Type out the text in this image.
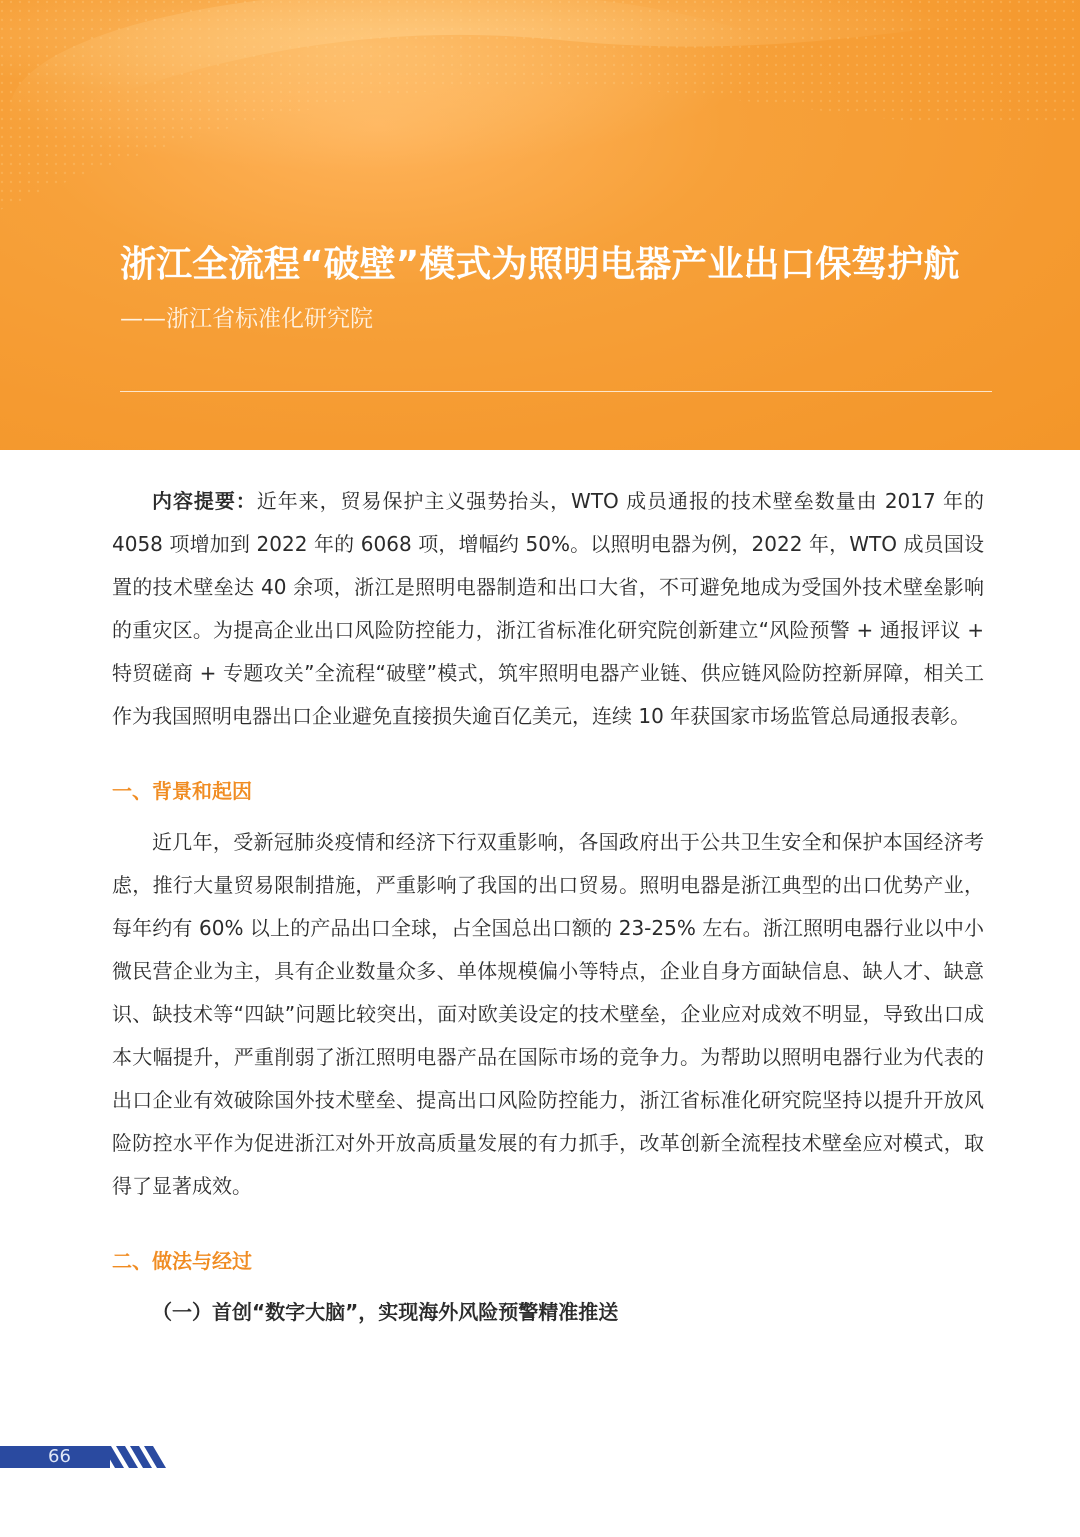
浙江全流程“破壁”模式为照明电器产业出口保驾护航
——浙江省标准化研究院

内容提要：近年来，贸易保护主义强势抬头，WTO 成员通报的技术壁垒数量由 2017 年的 4058 项增加到 2022 年的 6068 项，增幅约 50%。以照明电器为例，2022 年，WTO 成员国设置的技术壁垒达 40 余项，浙江是照明电器制造和出口大省，不可避免地成为受国外技术壁垒影响的重灾区。为提高企业出口风险防控能力，浙江省标准化研究院创新建立“风险预警 + 通报评议 + 特贸磋商 + 专题攻关”全流程“破壁”模式，筑牢照明电器产业链、供应链风险防控新屏障，相关工作为我国照明电器出口企业避免直接损失逾百亿美元，连续 10 年获国家市场监管总局通报表彰。

一、背景和起因

近几年，受新冠肺炎疫情和经济下行双重影响，各国政府出于公共卫生安全和保护本国经济考虑，推行大量贸易限制措施，严重影响了我国的出口贸易。照明电器是浙江典型的出口优势产业，每年约有 60% 以上的产品出口全球，占全国总出口额的 23-25% 左右。浙江照明电器行业以中小微民营企业为主，具有企业数量众多、单体规模偏小等特点，企业自身方面缺信息、缺人才、缺意识、缺技术等“四缺”问题比较突出，面对欧美设定的技术壁垒，企业应对成效不明显，导致出口成本大幅提升，严重削弱了浙江照明电器产品在国际市场的竞争力。为帮助以照明电器行业为代表的出口企业有效破除国外技术壁垒、提高出口风险防控能力，浙江省标准化研究院坚持以提升开放风险防控水平作为促进浙江对外开放高质量发展的有力抓手，改革创新全流程技术壁垒应对模式，取得了显著成效。

二、做法与经过

（一）首创“数字大脑”，实现海外风险预警精准推送

66
